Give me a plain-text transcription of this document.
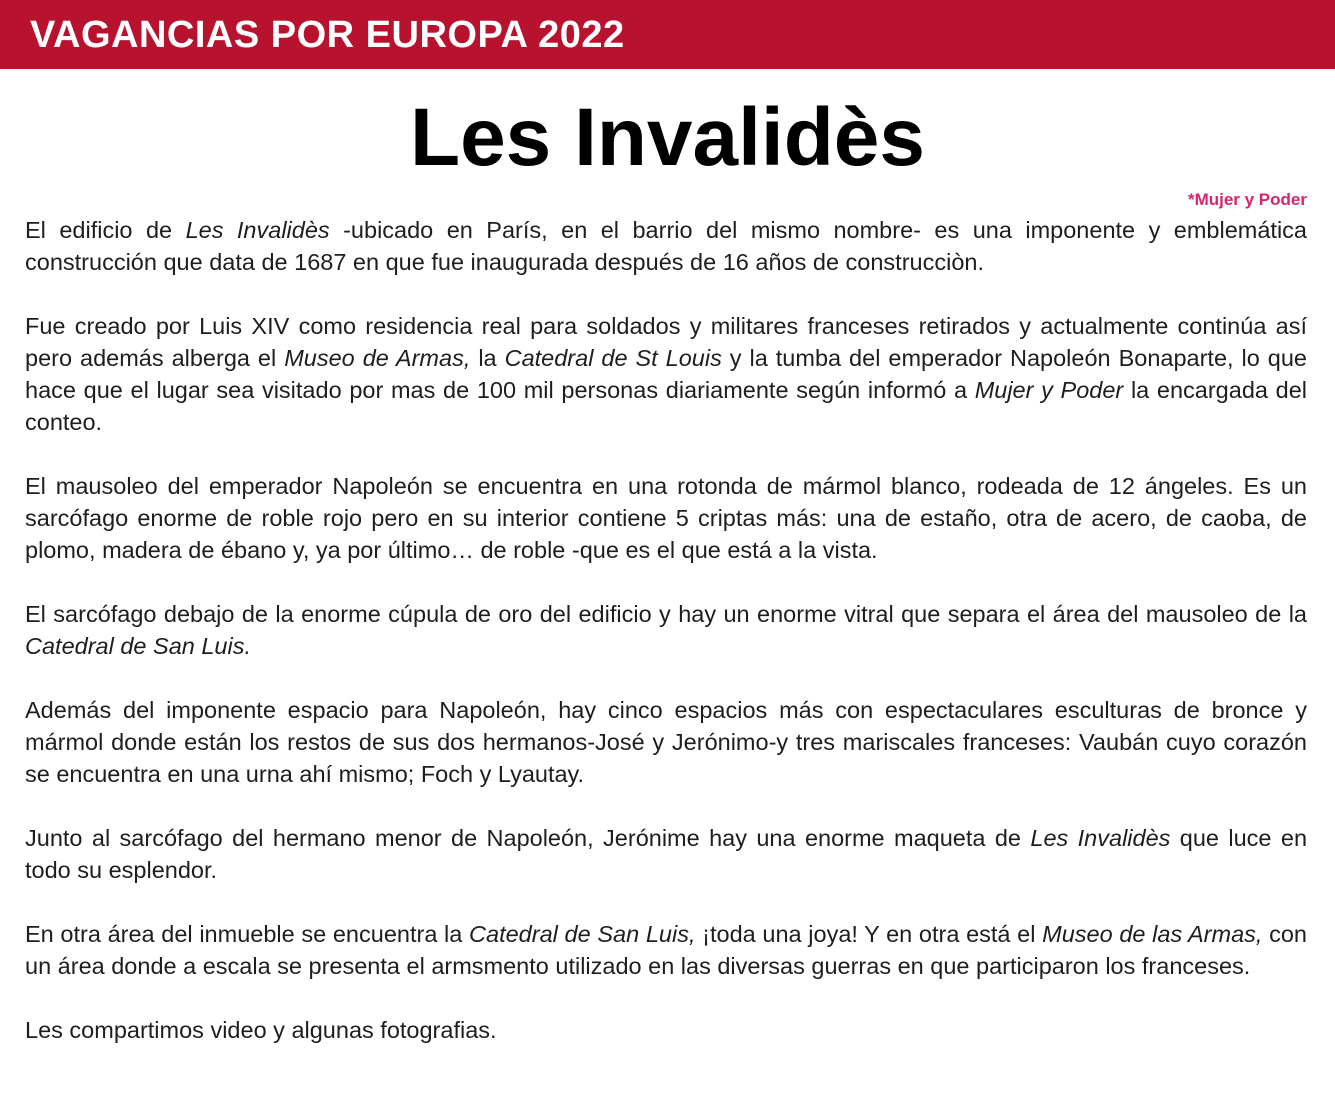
VAGANCIAS POR EUROPA 2022
Les Invalidès
*Mujer y Poder

El edificio de Les Invalidès -ubicado en París, en el barrio del mismo nombre- es una imponente y emblemática construcción que data de 1687 en que fue inaugurada después de 16 años de construcciòn.

Fue creado por Luis XIV como residencia real para soldados y militares franceses retirados y actualmente continúa así pero además alberga el Museo de Armas, la Catedral de St Louis y la tumba del emperador Napoleón Bonaparte, lo que hace que el lugar sea visitado por mas de 100 mil personas diariamente según informó a Mujer y Poder la encargada del conteo.

El mausoleo del emperador Napoleón se encuentra en una rotonda de mármol blanco, rodeada de 12 ángeles. Es un sarcófago enorme de roble rojo pero en su interior contiene 5 criptas más: una de estaño, otra de acero, de caoba, de plomo, madera de ébano y, ya por último… de roble -que es el que está a la vista.

El sarcófago debajo de la enorme cúpula de oro del edificio y hay un enorme vitral que separa el área del mausoleo de la Catedral de San Luis.

Además del imponente espacio para Napoleón, hay cinco espacios más con espectaculares esculturas de bronce y mármol donde están los restos de sus dos hermanos-José y Jerónimo-y tres mariscales franceses: Vaubán cuyo corazón se encuentra en una urna ahí mismo; Foch y Lyautay.

Junto al sarcófago del hermano menor de Napoleón, Jerónime hay una enorme maqueta de Les Invalidès que luce en todo su esplendor.

En otra área del inmueble se encuentra la Catedral de San Luis, ¡toda una joya! Y en otra está el Museo de las Armas, con un área donde a escala se presenta el armsmento utilizado en las diversas guerras en que participaron los franceses.

Les compartimos video y algunas fotografias.
